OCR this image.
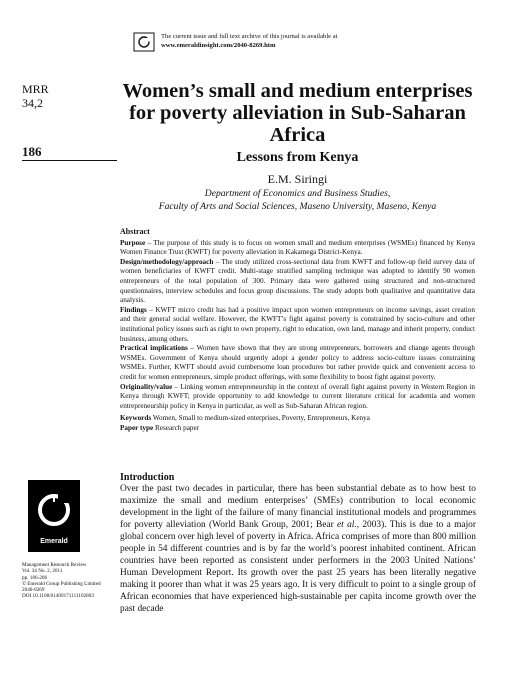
The current issue and full text archive of this journal is available at
www.emeraldinsight.com/2040-8269.htm
MRR
34,2
186
Women’s small and medium enterprises for poverty alleviation in Sub-Saharan Africa
Lessons from Kenya
E.M. Siringi
Department of Economics and Business Studies,
Faculty of Arts and Social Sciences, Maseno University, Maseno, Kenya
Abstract

Purpose – The purpose of this study is to focus on women small and medium enterprises (WSMEs) financed by Kenya Women Finance Trust (KWFT) for poverty alleviation in Kakamega District-Kenya.

Design/methodology/approach – The study utilized cross-sectional data from KWFT and follow-up field survey data of women beneficiaries of KWFT credit. Multi-stage stratified sampling technique was adopted to identify 90 women entrepreneurs of the total population of 300. Primary data were gathered using structured and non-structured questionnaires, interview schedules and focus group discussions. The study adopts both qualitative and quantitative data analysis.

Findings – KWFT micro credit has had a positive impact upon women entrepreneurs on income savings, asset creation and their general social welfare. However, the KWFT’s fight against poverty is constrained by socio-culture and other institutional policy issues such as right to own property, right to education, own land, manage and inherit property, conduct business, among others.

Practical implications – Women have shown that they are strong entrepreneurs, borrowers and change agents through WSMEs. Government of Kenya should urgently adopt a gender policy to address socio-culture issues constraining WSMEs. Further, KWFT should avoid cumbersome loan procedures but rather provide quick and convenient access to credit for women entrepreneurs, simple product offerings, with some flexibility to boost fight against poverty.

Originality/value – Linking women entrepreneurship in the context of overall fight against poverty in Western Region in Kenya through KWFT; provide opportunity to add knowledge to current literature critical for academia and women entrepreneurship policy in Kenya in particular, as well as Sub-Saharan African region.

Keywords Women, Small to medium-sized enterprises, Poverty, Entrepreneurs, Kenya

Paper type Research paper

Introduction
Over the past two decades in particular, there has been substantial debate as to how best to maximize the small and medium enterprises’ (SMEs) contribution to local economic development in the light of the failure of many financial institutional models and programmes for poverty alleviation (World Bank Group, 2001; Bear et al., 2003). This is due to a major global concern over high level of poverty in Africa. Africa comprises of more than 800 million people in 54 different countries and is by far the world’s poorest inhabited continent. African countries have been reported as consistent under performers in the 2003 United Nations’ Human Development Report. Its growth over the past 25 years has been literally negative making it poorer than what it was 25 years ago. It is very difficult to point to a single group of African economies that have experienced high-sustainable per capita income growth over the past decade
Emerald
Management Research Review
Vol. 34 No. 2, 2011
pp. 186-206
© Emerald Group Publishing Limited
2040-8269
DOI 10.1108/01409171111102803
